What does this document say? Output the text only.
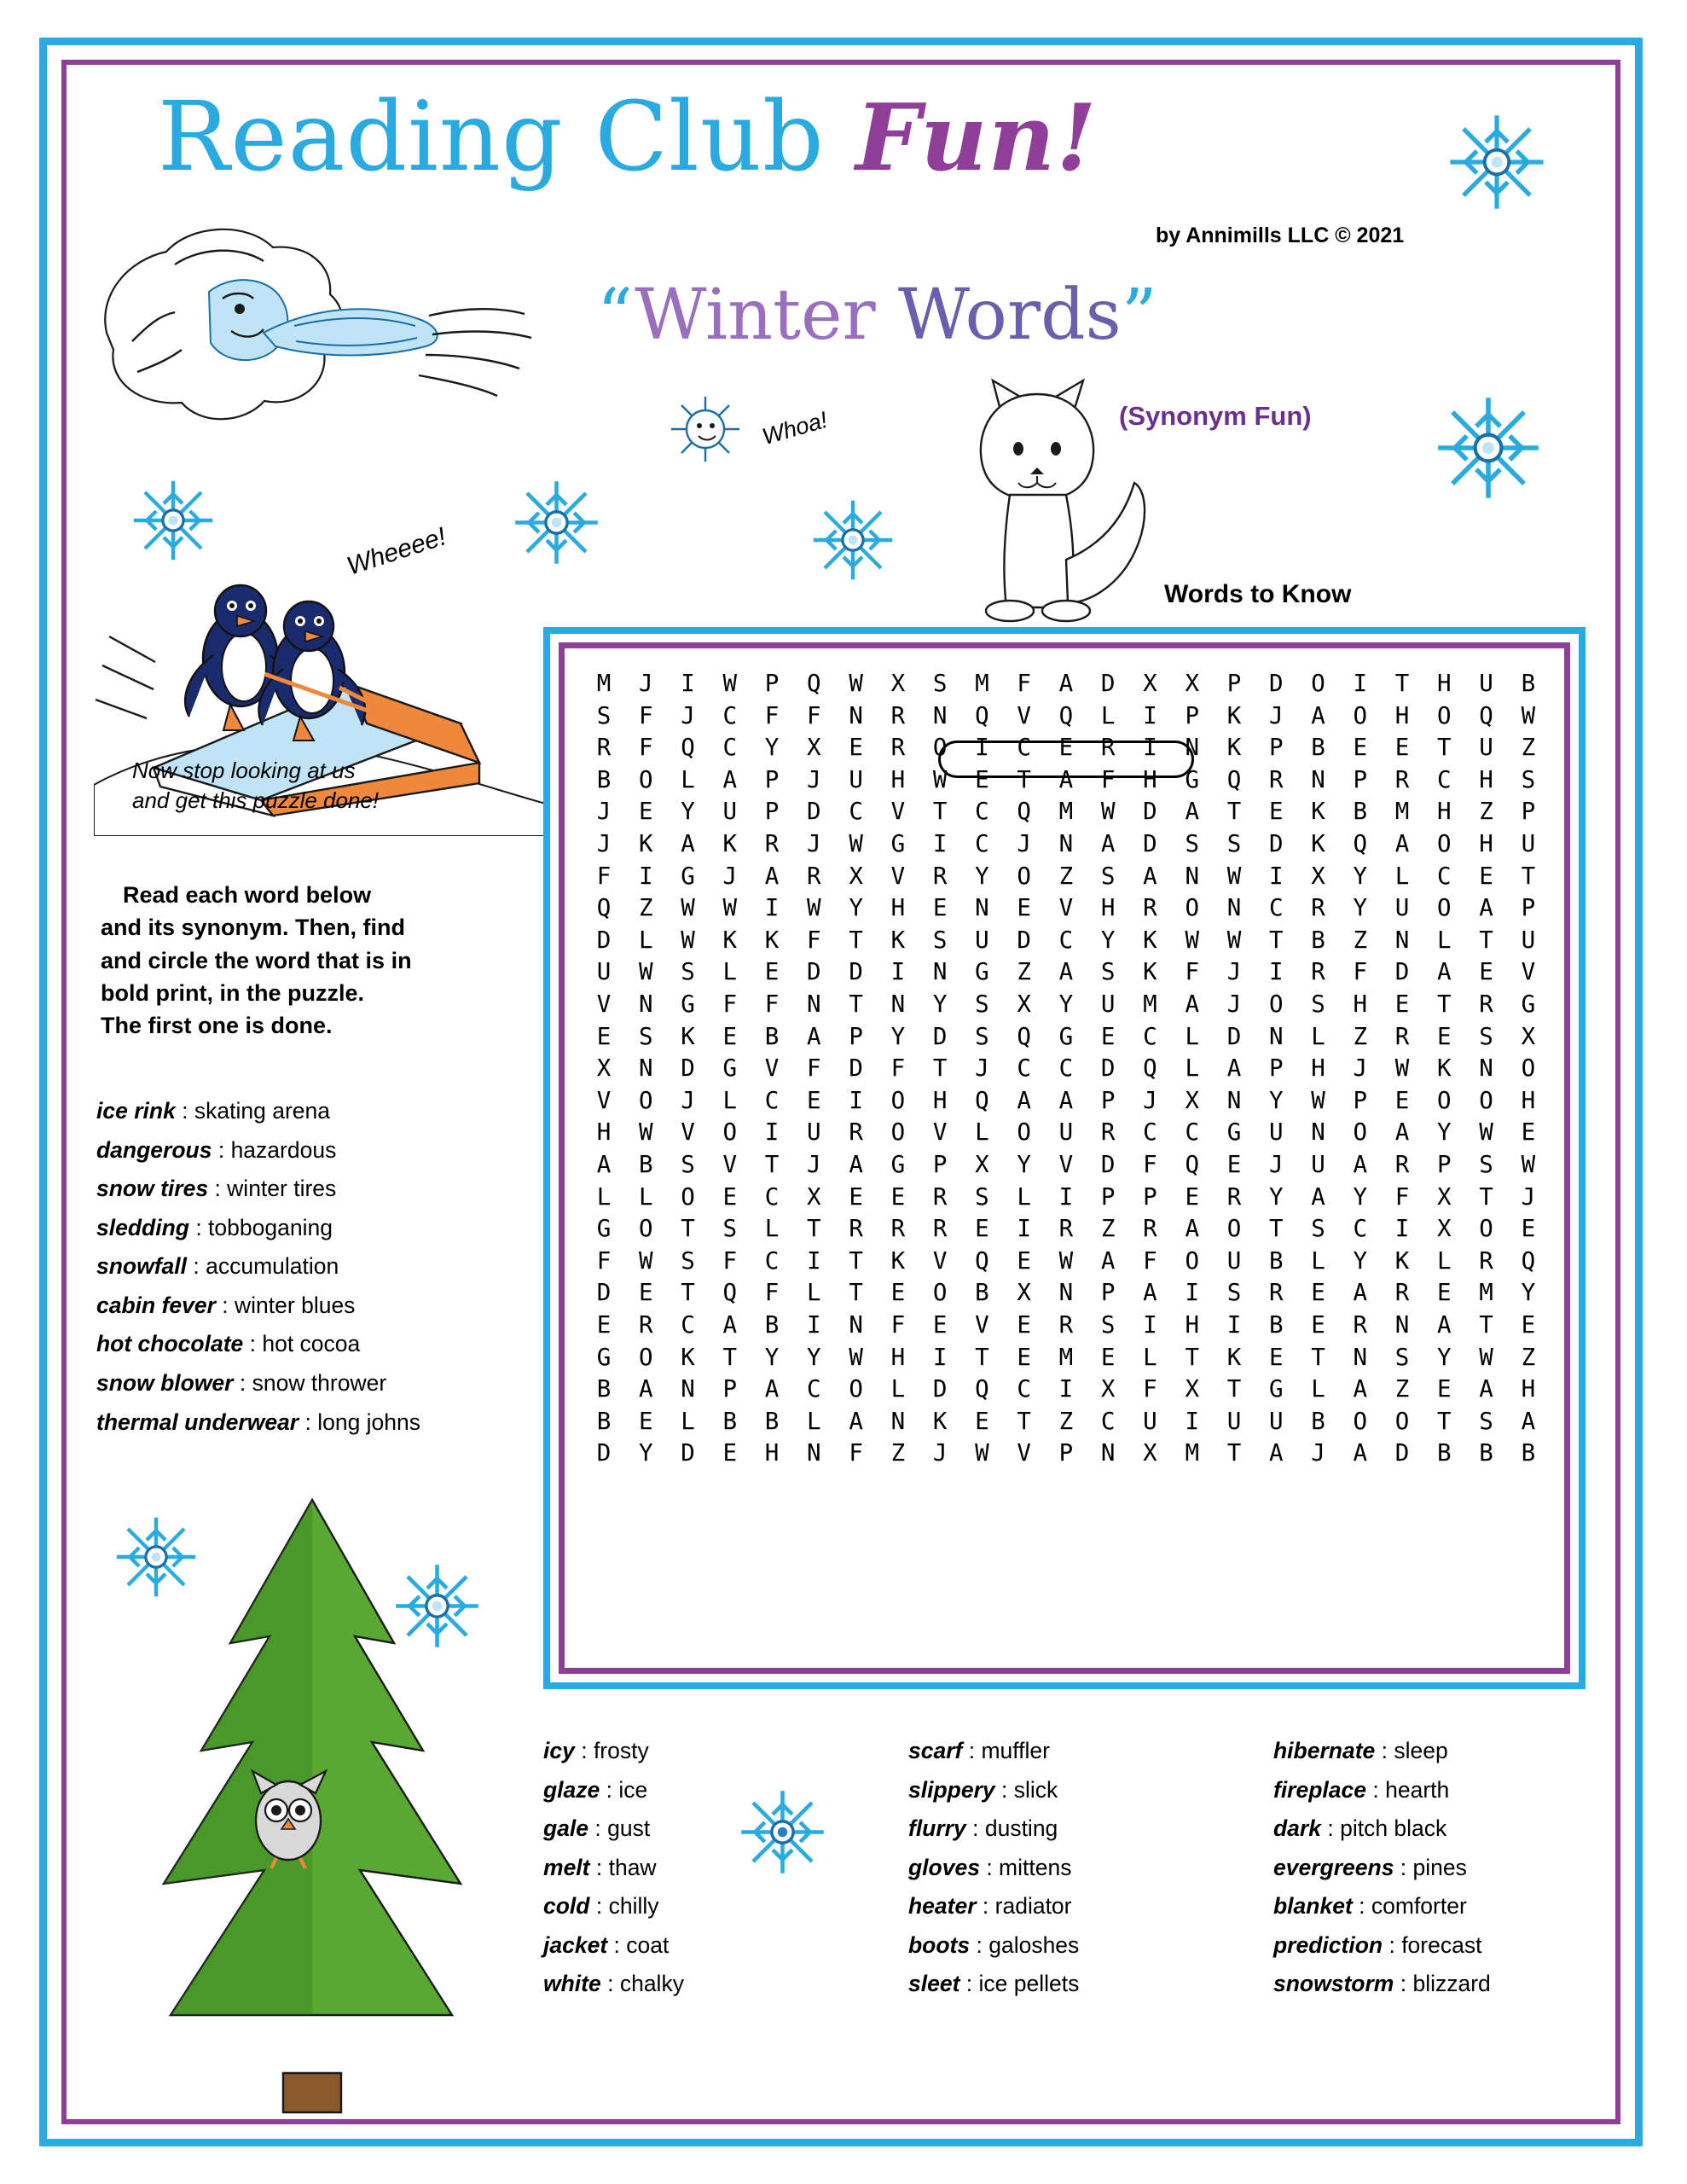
Reading Club Fun!
by Annimills LLC © 2021
“Winter Words”
(Synonym Fun)
Words to Know
Whoa!
Wheeee!
Now stop looking at us and get this puzzle done!
Read each word below
and its synonym. Then, find
and circle the word that is in
bold print, in the puzzle.
The first one is done.
ice rink : skating arena
dangerous : hazardous
snow tires : winter tires
sledding : tobboganing
snowfall : accumulation
cabin fever : winter blues
hot chocolate : hot cocoa
snow blower : snow thrower
thermal underwear : long johns
M	J	I	W	P	Q	W	X	S	M	F	A	D	X	X	P	D	O	I	T	H	U	B
S	F	J	C	F	F	N	R	N	Q	V	Q	L	I	P	K	J	A	O	H	O	Q	W
R	F	Q	C	Y	X	E	R	O	I	C	E	R	I	N	K	P	B	E	E	T	U	Z
B	O	L	A	P	J	U	H	W	E	T	A	F	H	G	Q	R	N	P	R	C	H	S
J	E	Y	U	P	D	C	V	T	C	Q	M	W	D	A	T	E	K	B	M	H	Z	P
J	K	A	K	R	J	W	G	I	C	J	N	A	D	S	S	D	K	Q	A	O	H	U
F	I	G	J	A	R	X	V	R	Y	O	Z	S	A	N	W	I	X	Y	L	C	E	T
Q	Z	W	W	I	W	Y	H	E	N	E	V	H	R	O	N	C	R	Y	U	O	A	P
D	L	W	K	K	F	T	K	S	U	D	C	Y	K	W	W	T	B	Z	N	L	T	U
U	W	S	L	E	D	D	I	N	G	Z	A	S	K	F	J	I	R	F	D	A	E	V
V	N	G	F	F	N	T	N	Y	S	X	Y	U	M	A	J	O	S	H	E	T	R	G
E	S	K	E	B	A	P	Y	D	S	Q	G	E	C	L	D	N	L	Z	R	E	S	X
X	N	D	G	V	F	D	F	T	J	C	C	D	Q	L	A	P	H	J	W	K	N	O
V	O	J	L	C	E	I	O	H	Q	A	A	P	J	X	N	Y	W	P	E	O	O	H
H	W	V	O	I	U	R	O	V	L	O	U	R	C	C	G	U	N	O	A	Y	W	E
A	B	S	V	T	J	A	G	P	X	Y	V	D	F	Q	E	J	U	A	R	P	S	W
L	L	O	E	C	X	E	E	R	S	L	I	P	P	E	R	Y	A	Y	F	X	T	J
G	O	T	S	L	T	R	R	R	E	I	R	Z	R	A	O	T	S	C	I	X	O	E
F	W	S	F	C	I	T	K	V	Q	E	W	A	F	O	U	B	L	Y	K	L	R	Q
D	E	T	Q	F	L	T	E	O	B	X	N	P	A	I	S	R	E	A	R	E	M	Y
E	R	C	A	B	I	N	F	E	V	E	R	S	I	H	I	B	E	R	N	A	T	E
G	O	K	T	Y	Y	W	H	I	T	E	M	E	L	T	K	E	T	N	S	Y	W	Z
B	A	N	P	A	C	O	L	D	Q	C	I	X	F	X	T	G	L	A	Z	E	A	H
B	E	L	B	B	L	A	N	K	E	T	Z	C	U	I	U	U	B	O	O	T	S	A
D	Y	D	E	H	N	F	Z	J	W	V	P	N	X	M	T	A	J	A	D	B	B	B
icy : frosty
glaze : ice
gale : gust
melt : thaw
cold : chilly
jacket : coat
white : chalky
scarf : muffler
slippery : slick
flurry : dusting
gloves : mittens
heater : radiator
boots : galoshes
sleet : ice pellets
hibernate : sleep
fireplace : hearth
dark : pitch black
evergreens : pines
blanket : comforter
prediction : forecast
snowstorm : blizzard
